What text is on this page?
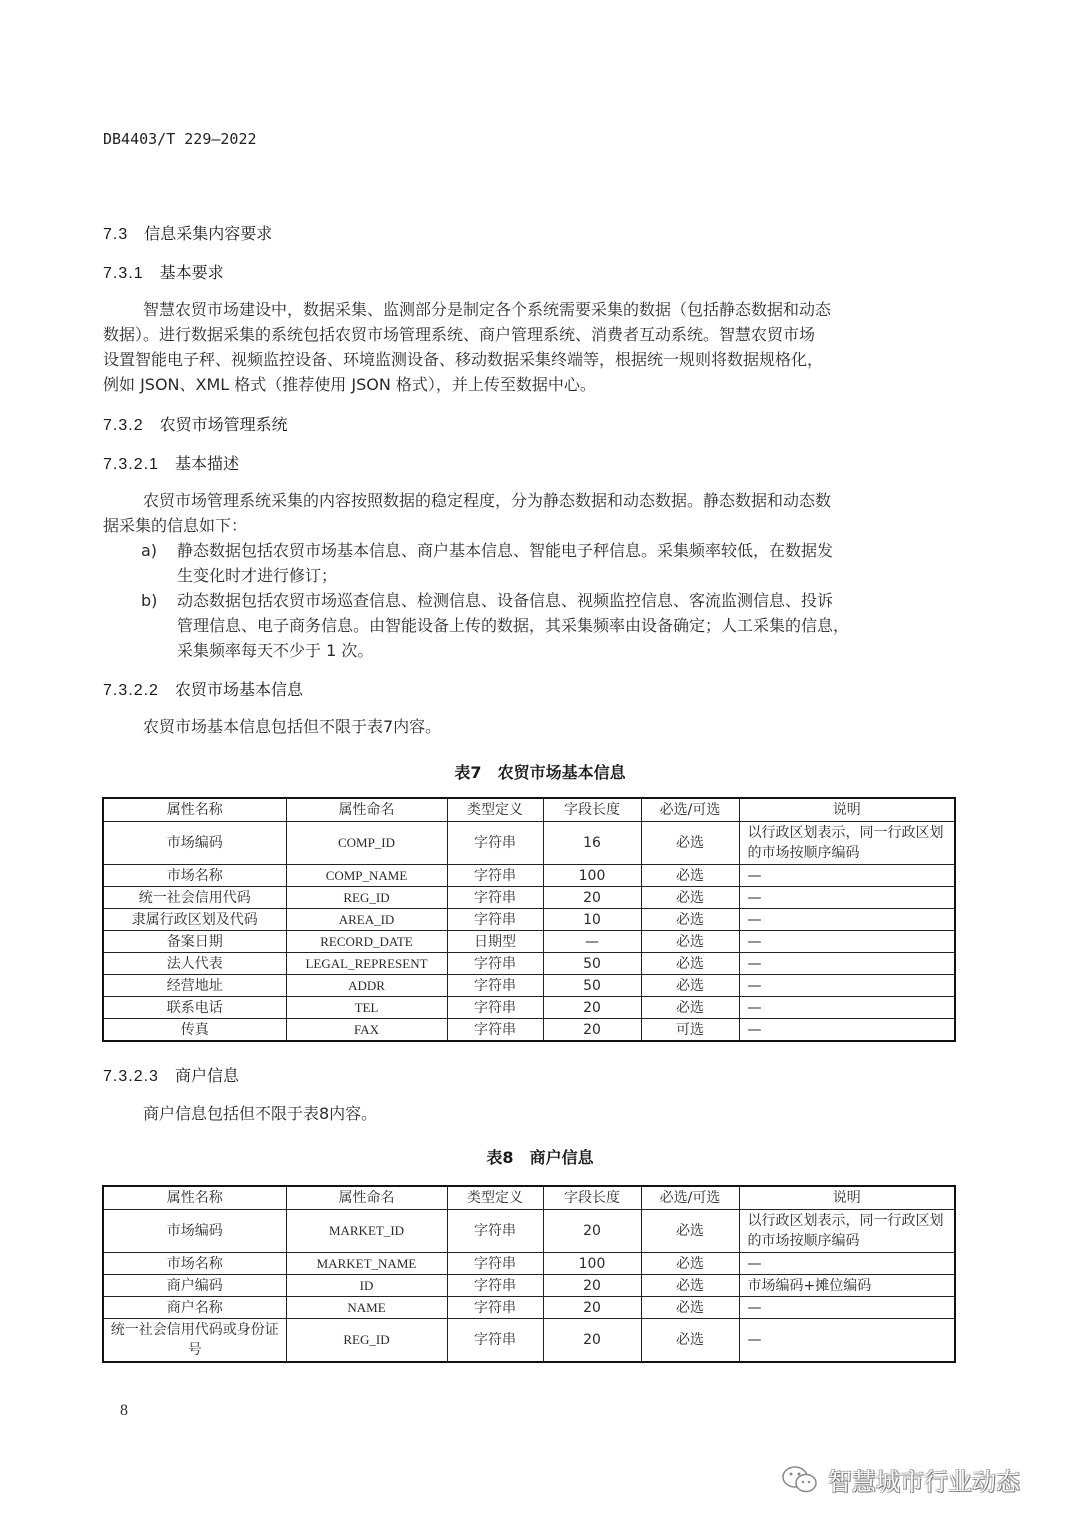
DB4403/T 229—2022
7.3 信息采集内容要求
7.3.1 基本要求
智慧农贸市场建设中，数据采集、监测部分是制定各个系统需要采集的数据（包括静态数据和动态
数据）。进行数据采集的系统包括农贸市场管理系统、商户管理系统、消费者互动系统。智慧农贸市场
设置智能电子秤、视频监控设备、环境监测设备、移动数据采集终端等，根据统一规则将数据规格化，
例如 JSON、XML 格式（推荐使用 JSON 格式），并上传至数据中心。
7.3.2 农贸市场管理系统
7.3.2.1 基本描述
农贸市场管理系统采集的内容按照数据的稳定程度，分为静态数据和动态数据。静态数据和动态数
据采集的信息如下：
a)	静态数据包括农贸市场基本信息、商户基本信息、智能电子秤信息。采集频率较低，在数据发
生变化时才进行修订；
b)	动态数据包括农贸市场巡查信息、检测信息、设备信息、视频监控信息、客流监测信息、投诉
管理信息、电子商务信息。由智能设备上传的数据，其采集频率由设备确定；人工采集的信息，
采集频率每天不少于 1 次。
7.3.2.2 农贸市场基本信息
农贸市场基本信息包括但不限于表7内容。
表7 农贸市场基本信息
属性名称	属性命名	类型定义	字段长度	必选/可选	说明
市场编码	COMP_ID	字符串	16	必选	以行政区划表示，同一行政区划的市场按顺序编码
市场名称	COMP_NAME	字符串	100	必选	—
统一社会信用代码	REG_ID	字符串	20	必选	—
隶属行政区划及代码	AREA_ID	字符串	10	必选	—
备案日期	RECORD_DATE	日期型	—	必选	—
法人代表	LEGAL_REPRESENT	字符串	50	必选	—
经营地址	ADDR	字符串	50	必选	—
联系电话	TEL	字符串	20	必选	—
传真	FAX	字符串	20	可选	—
7.3.2.3 商户信息
商户信息包括但不限于表8内容。
表8 商户信息
属性名称	属性命名	类型定义	字段长度	必选/可选	说明
市场编码	MARKET_ID	字符串	20	必选	以行政区划表示，同一行政区划的市场按顺序编码
市场名称	MARKET_NAME	字符串	100	必选	—
商户编码	ID	字符串	20	必选	市场编码+摊位编码
商户名称	NAME	字符串	20	必选	—
统一社会信用代码或身份证号	REG_ID	字符串	20	必选	—
8
智慧城市行业动态
